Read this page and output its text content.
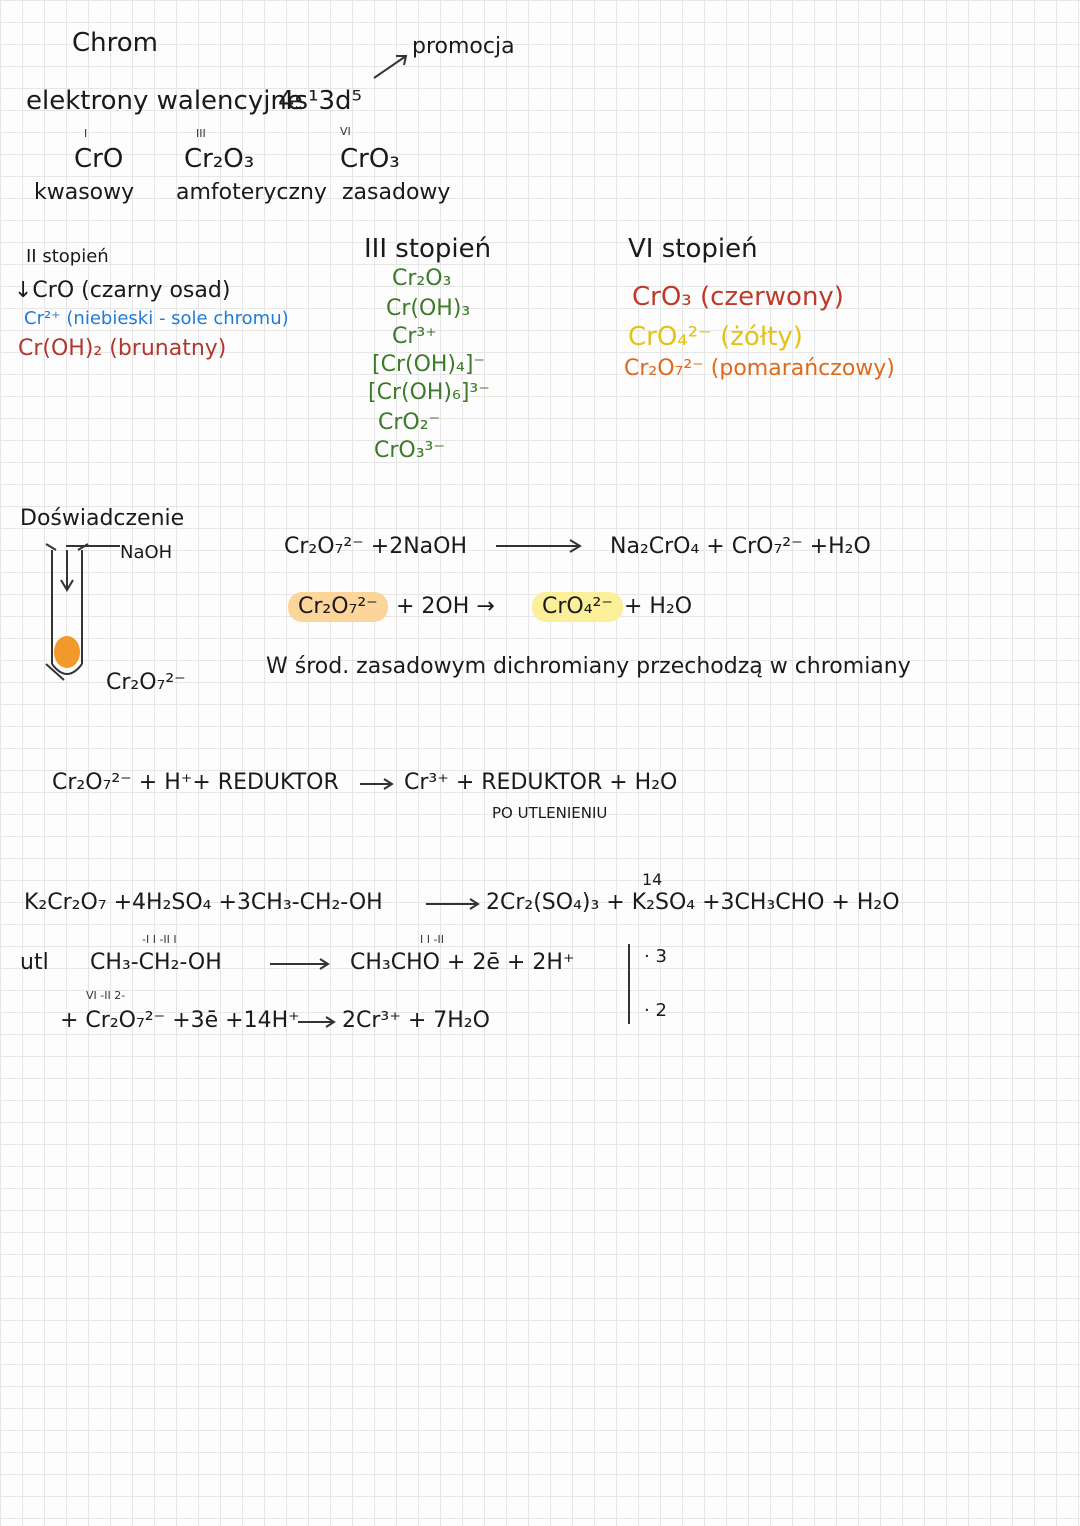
Chrom	promocja
elektrony walencyjne
4s¹3d⁵
I	III	VI
CrO Cr₂O₃	CrO₃
kwasowy amfoteryczny zasadowy
II stopień
↓CrO (czarny osad)
Cr²⁺ (niebieski - sole chromu)
Cr(OH)₂ (brunatny)
III stopień
Cr₂O₃
Cr(OH)₃
Cr³⁺
[Cr(OH)₄]⁻
[Cr(OH)₆]³⁻
CrO₂⁻
CrO₃³⁻
VI stopień
CrO₃ (czerwony)
CrO₄²⁻ (żółty)
Cr₂O₇²⁻ (pomarańczowy)
Doświadczenie
NaOH
Cr₂O₇²⁻
Cr₂O₇²⁻ +2NaOH	Na₂CrO₄ + CrO₇²⁻ +H₂O
Cr₂O₇²⁻ + 2OH →	CrO₄²⁻ + H₂O
W środ. zasadowym dichromiany przechodzą w chromiany
Cr₂O₇²⁻ + H⁺+ REDUKTOR	Cr³⁺ + REDUKTOR + H₂O
PO UTLENIENIU
14
K₂Cr₂O₇ +4H₂SO₄ +3CH₃-CH₂-OH	2Cr₂(SO₄)₃ + K₂SO₄ +3CH₃CHO + H₂O
-I I -II I	I I -II
utl CH₃-CH₂-OH	CH₃CHO + 2ē + 2H⁺	· 3
· 2
VI -II 2-
+ Cr₂O₇²⁻ +3ē +14H⁺ 2Cr³⁺ + 7H₂O
